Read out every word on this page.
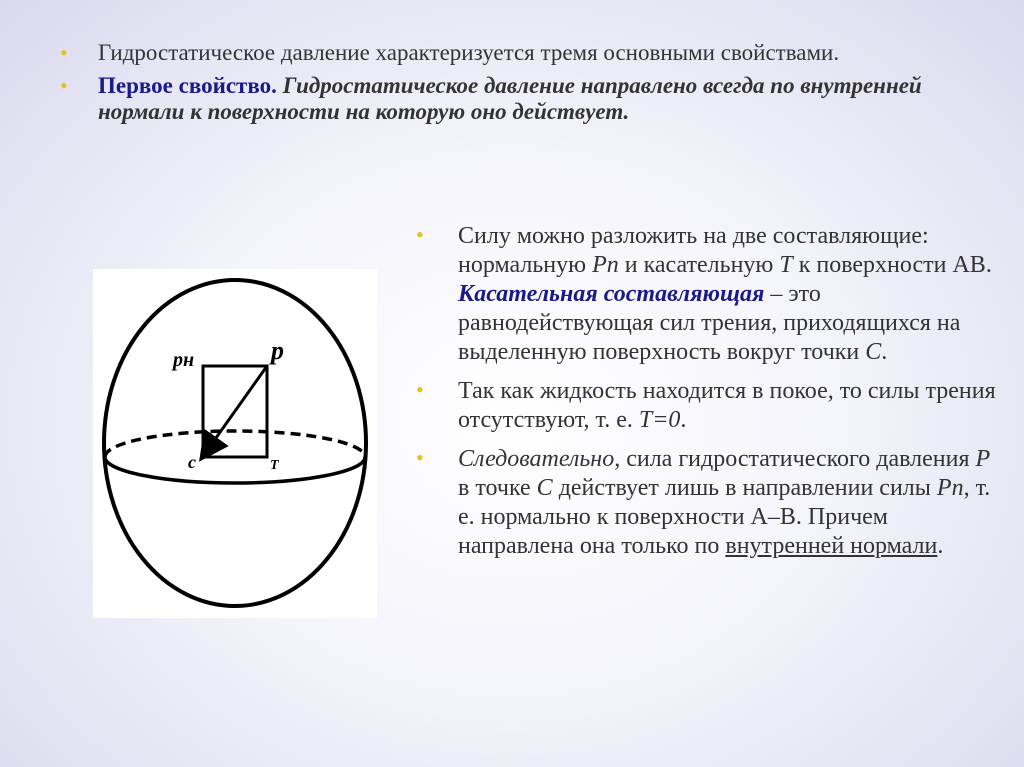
• Гидростатическое давление характеризуется тремя основными свойствами.
• Первое свойство. Гидростатическое давление направлено всегда по внутренней нормали к поверхности на которую оно действует.
pн	p
c	T
• Силу можно разложить на две составляющие: нормальную Pn и касательную T к поверхности АВ. Касательная составляющая – это равнодействующая сил трения, приходящихся на выделенную поверхность вокруг точки C.
• Так как жидкость находится в покое, то силы трения отсутствуют, т. е. T=0.
• Следовательно, сила гидростатического давления P в точке C действует лишь в направлении силы Pn, т. е. нормально к поверхности А–В. Причем направлена она только по внутренней нормали.
